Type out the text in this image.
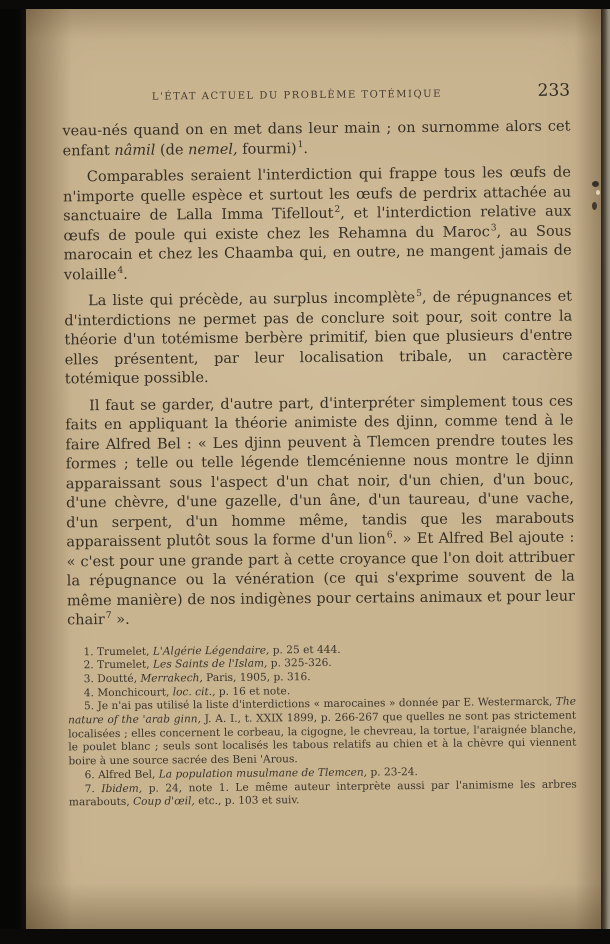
L'ÉTAT ACTUEL DU PROBLÈME TOTÉMIQUE	233

veau-nés quand on en met dans leur main ; on surnomme alors cet enfant nâmil (de nemel, fourmi)$^1$.

Comparables seraient l'interdiction qui frappe tous les œufs de n'importe quelle espèce et surtout les œufs de perdrix attachée au sanctuaire de Lalla Imma Tifellout$^2$, et l'interdiction relative aux œufs de poule qui existe chez les Rehamna du Maroc$^3$, au Sous marocain et chez les Chaamba qui, en outre, ne mangent jamais de volaille$^4$.

La liste qui précède, au surplus incomplète$^5$, de répugnances et d'interdictions ne permet pas de conclure soit pour, soit contre la théorie d'un totémisme berbère primitif, bien que plusieurs d'entre elles présentent, par leur localisation tribale, un caractère totémique possible.

Il faut se garder, d'autre part, d'interpréter simplement tous ces faits en appliquant la théorie animiste des djinn, comme tend à le faire Alfred Bel : « Les djinn peuvent à Tlemcen prendre toutes les formes ; telle ou telle légende tlemcénienne nous montre le djinn apparaissant sous l'aspect d'un chat noir, d'un chien, d'un bouc, d'une chèvre, d'une gazelle, d'un âne, d'un taureau, d'une vache, d'un serpent, d'un homme même, tandis que les marabouts apparaissent plutôt sous la forme d'un lion$^6$. » Et Alfred Bel ajoute : « c'est pour une grande part à cette croyance que l'on doit attribuer la répugnance ou la vénération (ce qui s'exprime souvent de la même manière) de nos indigènes pour certains animaux et pour leur chair$^7$ ».

1. Trumelet, L'Algérie Légendaire, p. 25 et 444.

2. Trumelet, Les Saints de l'Islam, p. 325-326.

3. Doutté, Merrakech, Paris, 1905, p. 316.

4. Monchicourt, loc. cit., p. 16 et note.

5. Je n'ai pas utilisé la liste d'interdictions « marocaines » donnée par E. Westermarck, The nature of the 'arab ginn, J. A. I., t. XXIX 1899, p. 266-267 que quelles ne sont pas strictement localisées ; elles concernent le corbeau, la cigogne, le chevreau, la tortue, l'araignée blanche, le poulet blanc ; seuls sont localisés les tabous relatifs au chien et à la chèvre qui viennent boire à une source sacrée des Beni 'Arous.

6. Alfred Bel, La population musulmane de Tlemcen, p. 23-24.

7. Ibidem, p. 24, note 1. Le même auteur interprète aussi par l'animisme les arbres marabouts, Coup d'œil, etc., p. 103 et suiv.
